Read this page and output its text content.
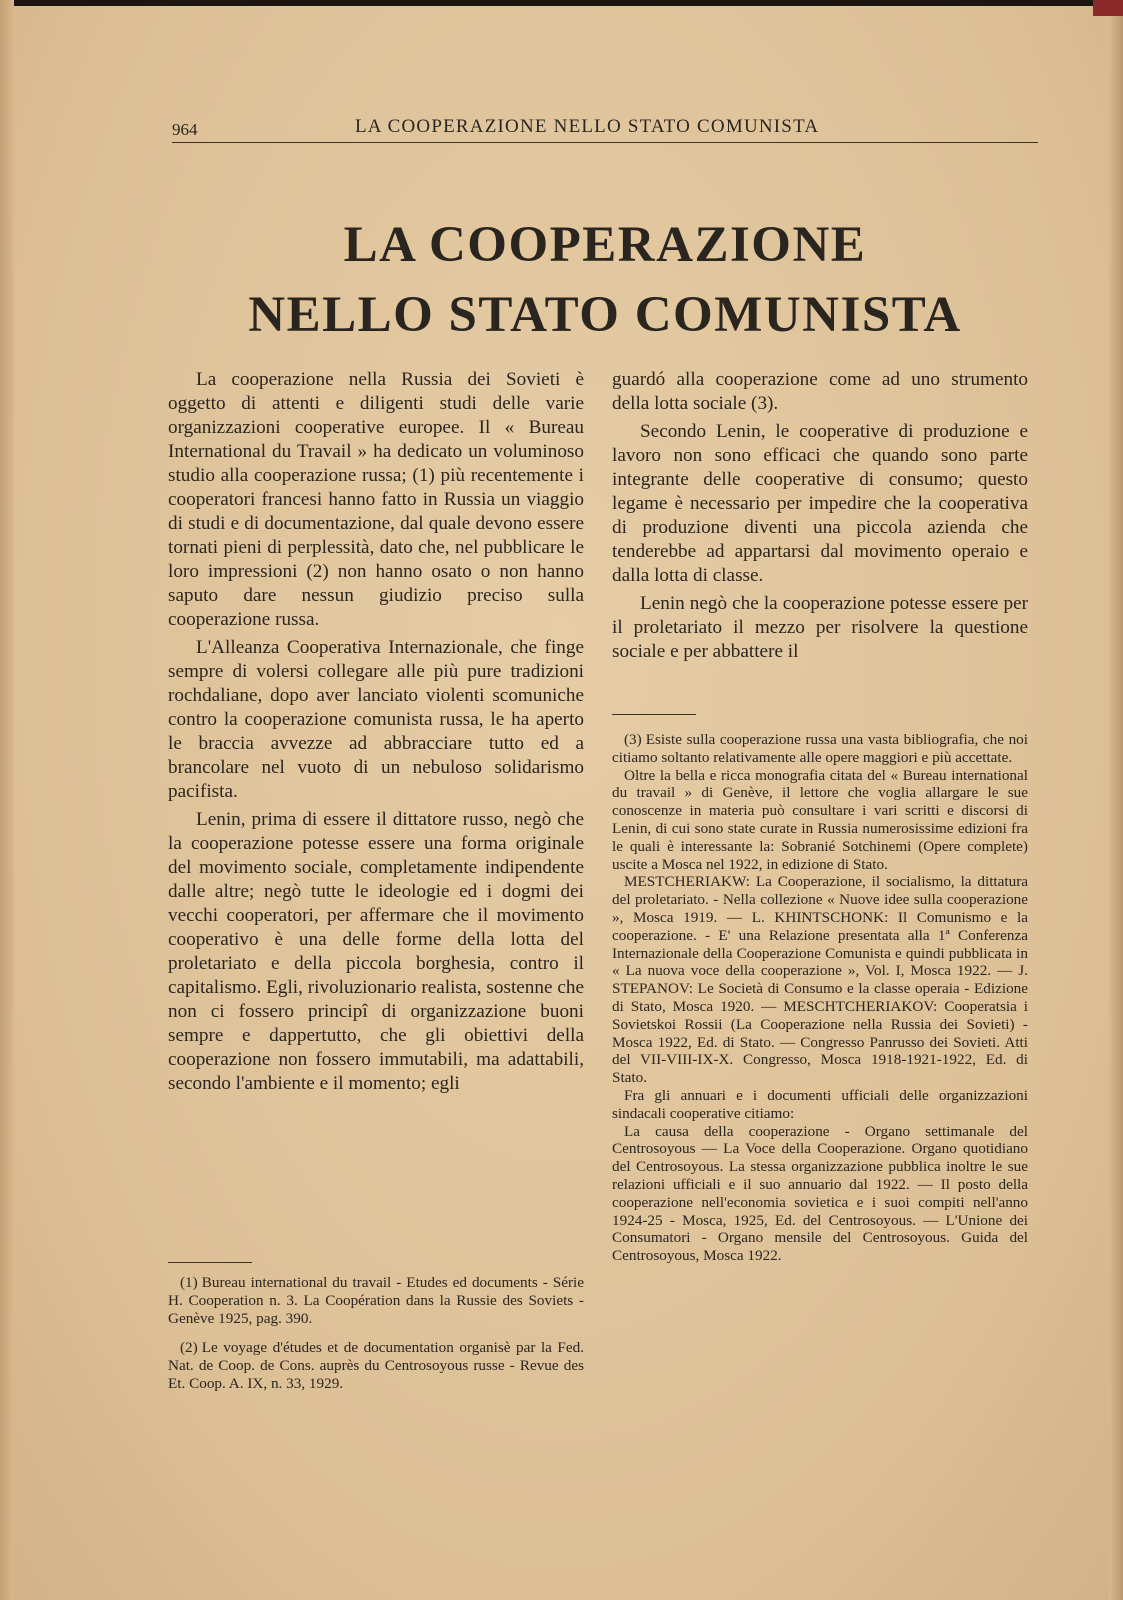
964	LA COOPERAZIONE NELLO STATO COMUNISTA
LA COOPERAZIONE
NELLO STATO COMUNISTA

La cooperazione nella Russia dei Sovieti è oggetto di attenti e diligenti studi delle varie organizzazioni cooperative europee. Il « Bureau International du Travail » ha dedicato un voluminoso studio alla cooperazione russa; (1) più recentemente i cooperatori francesi hanno fatto in Russia un viaggio di studi e di documentazione, dal quale devono essere tornati pieni di perplessità, dato che, nel pubblicare le loro impressioni (2) non hanno osato o non hanno saputo dare nessun giudizio preciso sulla cooperazione russa.

L'Alleanza Cooperativa Internazionale, che finge sempre di volersi collegare alle più pure tradizioni rochdaliane, dopo aver lanciato violenti scomuniche contro la cooperazione comunista russa, le ha aperto le braccia avvezze ad abbracciare tutto ed a brancolare nel vuoto di un nebuloso solidarismo pacifista.

Lenin, prima di essere il dittatore russo, negò che la cooperazione potesse essere una forma originale del movimento sociale, completamente indipendente dalle altre; negò tutte le ideologie ed i dogmi dei vecchi cooperatori, per affermare che il movimento cooperativo è una delle forme della lotta del proletariato e della piccola borghesia, contro il capitalismo. Egli, rivoluzionario realista, sostenne che non ci fossero principî di organizzazione buoni sempre e dappertutto, che gli obiettivi della cooperazione non fossero immutabili, ma adattabili, secondo l'ambiente e il momento; egli

guardó alla cooperazione come ad uno strumento della lotta sociale (3).

Secondo Lenin, le cooperative di produzione e lavoro non sono efficaci che quando sono parte integrante delle cooperative di consumo; questo legame è necessario per impedire che la cooperativa di produzione diventi una piccola azienda che tenderebbe ad appartarsi dal movimento operaio e dalla lotta di classe.

Lenin negò che la cooperazione potesse essere per il proletariato il mezzo per risolvere la questione sociale e per abbattere il

(1) Bureau international du travail - Etudes ed documents - Série H. Cooperation n. 3. La Coopération dans la Russie des Soviets - Genève 1925, pag. 390.

(2) Le voyage d'études et de documentation organisè par la Fed. Nat. de Coop. de Cons. auprès du Centrosoyous russe - Revue des Et. Coop. A. IX, n. 33, 1929.

(3) Esiste sulla cooperazione russa una vasta bibliografia, che noi citiamo soltanto relativamente alle opere maggiori e più accettate.

Oltre la bella e ricca monografia citata del « Bureau international du travail » di Genève, il lettore che voglia allargare le sue conoscenze in materia può consultare i vari scritti e discorsi di Lenin, di cui sono state curate in Russia numerosissime edizioni fra le quali è interessante la: Sobranié Sotchinemi (Opere complete) uscite a Mosca nel 1922, in edizione di Stato.

MESTCHERIAKW: La Cooperazione, il socialismo, la dittatura del proletariato. - Nella collezione « Nuove idee sulla cooperazione », Mosca 1919. — L. KHINTSCHONK: Il Comunismo e la cooperazione. - E' una Relazione presentata alla 1ª Conferenza Internazionale della Cooperazione Comunista e quindi pubblicata in « La nuova voce della cooperazione », Vol. I, Mosca 1922. — J. STEPANOV: Le Società di Consumo e la classe operaia - Edizione di Stato, Mosca 1920. — MESCHTCHERIAKOV: Cooperatsia i Sovietskoi Rossii (La Cooperazione nella Russia dei Sovieti) - Mosca 1922, Ed. di Stato. — Congresso Panrusso dei Sovieti. Atti del VII-VIII-IX-X. Congresso, Mosca 1918-1921-1922, Ed. di Stato.

Fra gli annuari e i documenti ufficiali delle organizzazioni sindacali cooperative citiamo:

La causa della cooperazione - Organo settimanale del Centrosoyous — La Voce della Cooperazione. Organo quotidiano del Centrosoyous. La stessa organizzazione pubblica inoltre le sue relazioni ufficiali e il suo annuario dal 1922. — Il posto della cooperazione nell'economia sovietica e i suoi compiti nell'anno 1924-25 - Mosca, 1925, Ed. del Centrosoyous. — L'Unione dei Consumatori - Organo mensile del Centrosoyous. Guida del Centrosoyous, Mosca 1922.
